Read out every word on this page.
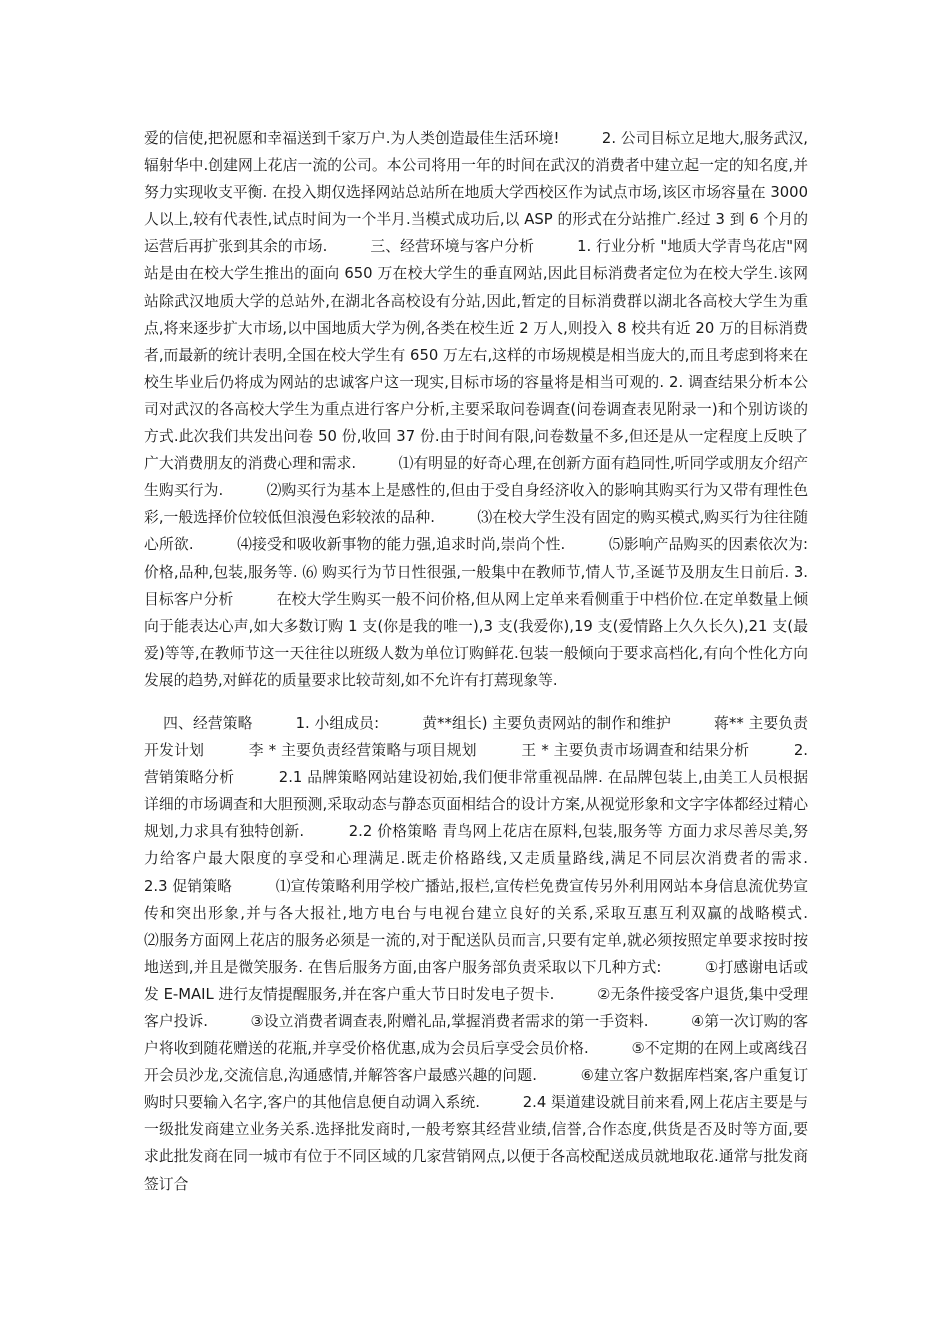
爱的信使,把祝愿和幸福送到千家万户.为人类创造最佳生活环境!         2. 公司目标立足地大,服务武汉,辐射华中.创建网上花店一流的公司。本公司将用一年的时间在武汉的消费者中建立起一定的知名度,并努力实现收支平衡. 在投入期仅选择网站总站所在地质大学西校区作为试点市场,该区市场容量在 3000 人以上,较有代表性,试点时间为一个半月.当模式成功后,以 ASP 的形式在分站推广.经过 3 到 6 个月的运营后再扩张到其余的市场.         三、经营环境与客户分析         1. 行业分析 "地质大学青鸟花店"网站是由在校大学生推出的面向 650 万在校大学生的垂直网站,因此目标消费者定位为在校大学生.该网站除武汉地质大学的总站外,在湖北各高校设有分站,因此,暂定的目标消费群以湖北各高校大学生为重点,将来逐步扩大市场,以中国地质大学为例,各类在校生近 2 万人,则投入 8 校共有近 20 万的目标消费者,而最新的统计表明,全国在校大学生有 650 万左右,这样的市场规模是相当庞大的,而且考虑到将来在校生毕业后仍将成为网站的忠诚客户这一现实,目标市场的容量将是相当可观的. 2. 调查结果分析本公司对武汉的各高校大学生为重点进行客户分析,主要采取问卷调查(问卷调查表见附录一)和个别访谈的方式.此次我们共发出问卷 50 份,收回 37 份.由于时间有限,问卷数量不多,但还是从一定程度上反映了广大消费朋友的消费心理和需求.         ⑴有明显的好奇心理,在创新方面有趋同性,听同学或朋友介绍产生购买行为.         ⑵购买行为基本上是感性的,但由于受自身经济收入的影响其购买行为又带有理性色彩,一般选择价位较低但浪漫色彩较浓的品种.         ⑶在校大学生没有固定的购买模式,购买行为往往随心所欲.         ⑷接受和吸收新事物的能力强,追求时尚,崇尚个性.         ⑸影响产品购买的因素依次为:价格,品种,包装,服务等. ⑹ 购买行为节日性很强,一般集中在教师节,情人节,圣诞节及朋友生日前后. 3. 目标客户分析         在校大学生购买一般不问价格,但从网上定单来看侧重于中档价位.在定单数量上倾向于能表达心声,如大多数订购 1 支(你是我的唯一),3 支(我爱你),19 支(爱情路上久久长久),21 支(最爱)等等,在教师节这一天往往以班级人数为单位订购鲜花.包装一般倾向于要求高档化,有向个性化方向发展的趋势,对鲜花的质量要求比较苛刻,如不允许有打蔫现象等.

四、经营策略         1. 小组成员:         黄**组长) 主要负责网站的制作和维护         蒋** 主要负责开发计划         李 * 主要负责经营策略与项目规划         王 * 主要负责市场调查和结果分析         2. 营销策略分析         2.1 品牌策略网站建设初始,我们便非常重视品牌. 在品牌包装上,由美工人员根据详细的市场调查和大胆预测,采取动态与静态页面相结合的设计方案,从视觉形象和文字字体都经过精心规划,力求具有独特创新.         2.2 价格策略 青鸟网上花店在原料,包装,服务等 方面力求尽善尽美,努力给客户最大限度的享受和心理满足.既走价格路线,又走质量路线,满足不同层次消费者的需求.         2.3 促销策略         ⑴宣传策略利用学校广播站,报栏,宣传栏免费宣传另外利用网站本身信息流优势宣传和突出形象,并与各大报社,地方电台与电视台建立良好的关系,采取互惠互利双赢的战略模式.         ⑵服务方面网上花店的服务必须是一流的,对于配送队员而言,只要有定单,就必须按照定单要求按时按地送到,并且是微笑服务. 在售后服务方面,由客户服务部负责采取以下几种方式:         ①打感谢电话或发 E-MAIL 进行友情提醒服务,并在客户重大节日时发电子贺卡.         ②无条件接受客户退货,集中受理客户投诉.         ③设立消费者调查表,附赠礼品,掌握消费者需求的第一手资料.         ④第一次订购的客户将收到随花赠送的花瓶,并享受价格优惠,成为会员后享受会员价格.         ⑤不定期的在网上或离线召开会员沙龙,交流信息,沟通感情,并解答客户最感兴趣的问题.         ⑥建立客户数据库档案,客户重复订购时只要输入名字,客户的其他信息便自动调入系统.         2.4 渠道建设就目前来看,网上花店主要是与一级批发商建立业务关系.选择批发商时,一般考察其经营业绩,信誉,合作态度,供货是否及时等方面,要求此批发商在同一城市有位于不同区域的几家营销网点,以便于各高校配送成员就地取花.通常与批发商签订合
